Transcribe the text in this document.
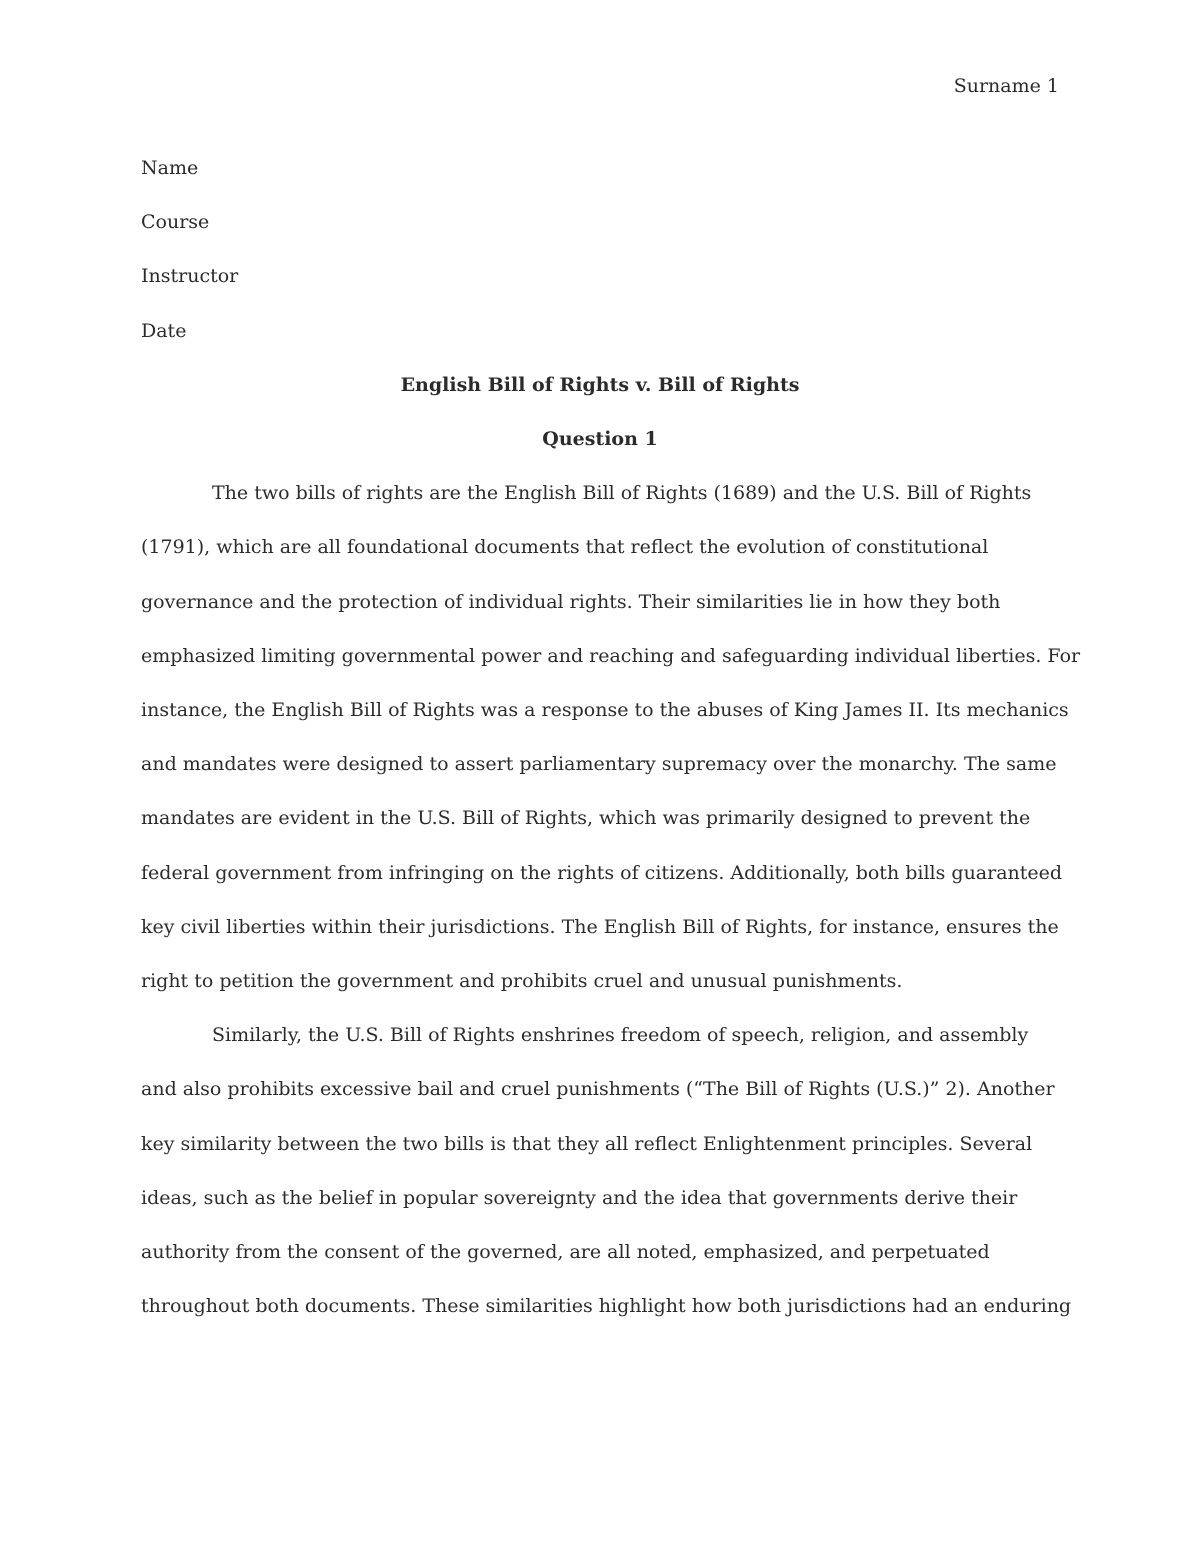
Surname 1

Name

Course

Instructor

Date

English Bill of Rights v. Bill of Rights

Question 1

The two bills of rights are the English Bill of Rights (1689) and the U.S. Bill of Rights
(1791), which are all foundational documents that reflect the evolution of constitutional
governance and the protection of individual rights. Their similarities lie in how they both
emphasized limiting governmental power and reaching and safeguarding individual liberties. For
instance, the English Bill of Rights was a response to the abuses of King James II. Its mechanics
and mandates were designed to assert parliamentary supremacy over the monarchy. The same
mandates are evident in the U.S. Bill of Rights, which was primarily designed to prevent the
federal government from infringing on the rights of citizens. Additionally, both bills guaranteed
key civil liberties within their jurisdictions. The English Bill of Rights, for instance, ensures the
right to petition the government and prohibits cruel and unusual punishments.

Similarly, the U.S. Bill of Rights enshrines freedom of speech, religion, and assembly
and also prohibits excessive bail and cruel punishments (“The Bill of Rights (U.S.)” 2). Another
key similarity between the two bills is that they all reflect Enlightenment principles. Several
ideas, such as the belief in popular sovereignty and the idea that governments derive their
authority from the consent of the governed, are all noted, emphasized, and perpetuated
throughout both documents. These similarities highlight how both jurisdictions had an enduring
